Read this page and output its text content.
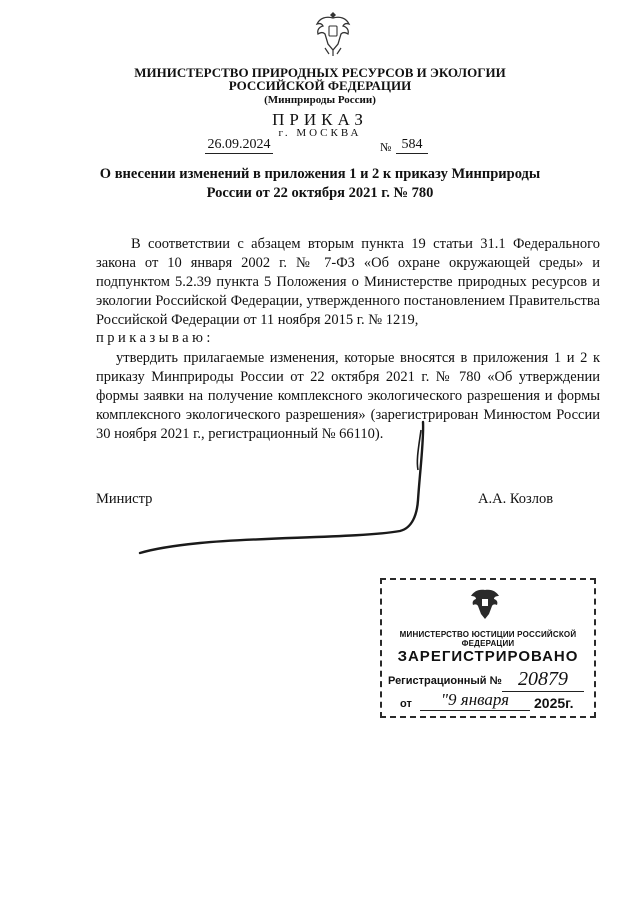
МИНИСТЕРСТВО ПРИРОДНЫХ РЕСУРСОВ И ЭКОЛОГИИ
РОССИЙСКОЙ ФЕДЕРАЦИИ
(Минприроды России)
ПРИКАЗ
г. МОСКВА
26.09.2024	№ 584
О внесении изменений в приложения 1 и 2 к приказу Минприроды
России от 22 октября 2021 г. № 780

В соответствии с абзацем вторым пункта 19 статьи 31.1 Федерального закона от 10 января 2002 г. № 7-ФЗ «Об охране окружающей среды» и подпунктом 5.2.39 пункта 5 Положения о Министерстве природных ресурсов и экологии Российской Федерации, утвержденного постановлением Правительства Российской Федерации от 11 ноября 2015 г. № 1219,

приказываю:

утвердить прилагаемые изменения, которые вносятся в приложения 1 и 2 к приказу Минприроды России от 22 октября 2021 г. № 780 «Об утверждении формы заявки на получение комплексного экологического разрешения и формы комплексного экологического разрешения» (зарегистрирован Минюстом России 30 ноября 2021 г., регистрационный № 66110).

Министр	А.А. Козлов
МИНИСТЕРСТВО ЮСТИЦИИ РОССИЙСКОЙ ФЕДЕРАЦИИ
ЗАРЕГИСТРИРОВАНО
Регистрационный № 20879
от	"9 января	2025г.
